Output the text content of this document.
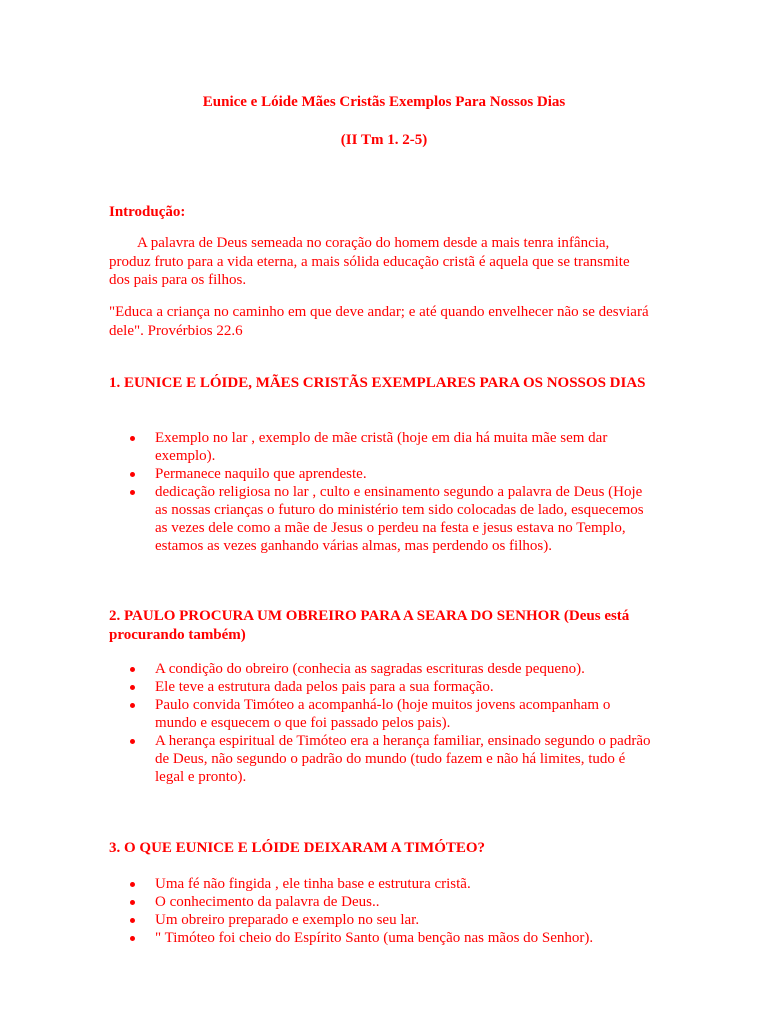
Eunice e Lóide Mães Cristãs Exemplos Para Nossos Dias
(II Tm 1. 2-5)
Introdução:
A palavra de Deus semeada no coração do homem desde a mais tenra infância, produz fruto para a vida eterna, a mais sólida educação cristã é aquela que se transmite dos pais para os filhos.
"Educa a criança no caminho em que deve andar; e até quando envelhecer não se desviará dele". Provérbios 22.6
1. EUNICE E LÓIDE, MÃES CRISTÃS EXEMPLARES PARA OS NOSSOS DIAS
Exemplo no lar , exemplo de mãe cristã (hoje em dia há muita mãe sem dar exemplo).
Permanece naquilo que aprendeste.
dedicação religiosa no lar , culto e ensinamento segundo a palavra de Deus (Hoje as nossas crianças o futuro do ministério tem sido colocadas de lado, esquecemos as vezes dele como a mãe de Jesus o perdeu na festa e jesus estava no Templo, estamos as vezes ganhando várias almas, mas perdendo os filhos).
2. PAULO PROCURA UM OBREIRO PARA A SEARA DO SENHOR (Deus está procurando também)
A condição do obreiro (conhecia as sagradas escrituras desde pequeno).
Ele teve a estrutura dada pelos pais para a sua formação.
Paulo convida Timóteo a acompanhá-lo (hoje muitos jovens acompanham o mundo e esquecem o que foi passado pelos pais).
A herança espiritual de Timóteo era a herança familiar, ensinado segundo o padrão de Deus, não segundo o padrão do mundo (tudo fazem e não há limites, tudo é legal e pronto).
3. O QUE EUNICE E LÓIDE DEIXARAM A TIMÓTEO?
Uma fé não fingida , ele tinha base e estrutura cristã.
O conhecimento da palavra de Deus..
Um obreiro preparado e exemplo no seu lar.
" Timóteo foi cheio do Espírito Santo (uma benção nas mãos do Senhor).
